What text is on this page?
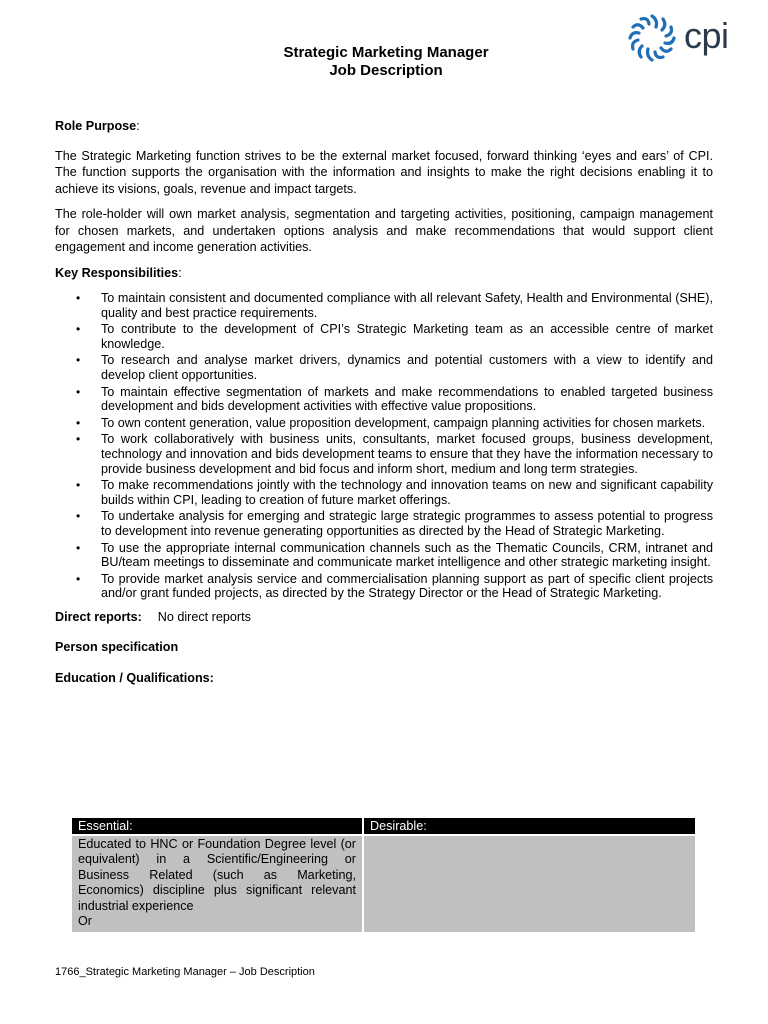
cpi
Strategic Marketing Manager
Job Description
Role Purpose:

The Strategic Marketing function strives to be the external market focused, forward thinking ‘eyes and ears’ of CPI. The function supports the organisation with the information and insights to make the right decisions enabling it to achieve its visions, goals, revenue and impact targets.

The role-holder will own market analysis, segmentation and targeting activities, positioning, campaign management for chosen markets, and undertaken options analysis and make recommendations that would support client engagement and income generation activities.

Key Responsibilities:
• To maintain consistent and documented compliance with all relevant Safety, Health and Environmental (SHE), quality and best practice requirements.
• To contribute to the development of CPI’s Strategic Marketing team as an accessible centre of market knowledge.
• To research and analyse market drivers, dynamics and potential customers with a view to identify and develop client opportunities.
• To maintain effective segmentation of markets and make recommendations to enabled targeted business development and bids development activities with effective value propositions.
• To own content generation, value proposition development, campaign planning activities for chosen markets.
• To work collaboratively with business units, consultants, market focused groups, business development, technology and innovation and bids development teams to ensure that they have the information necessary to provide business development and bid focus and inform short, medium and long term strategies.
• To make recommendations jointly with the technology and innovation teams on new and significant capability builds within CPI, leading to creation of future market offerings.
• To undertake analysis for emerging and strategic large strategic programmes to assess potential to progress to development into revenue generating opportunities as directed by the Head of Strategic Marketing.
• To use the appropriate internal communication channels such as the Thematic Councils, CRM, intranet and BU/team meetings to disseminate and communicate market intelligence and other strategic marketing insight.
• To provide market analysis service and commercialisation planning support as part of specific client projects and/or grant funded projects, as directed by the Strategy Director or the Head of Strategic Marketing.
Direct reports: No direct reports
Person specification
Education / Qualifications:
Essential:	Desirable:

Educated to HNC or Foundation Degree level (or equivalent) in a Scientific/Engineering or Business Related (such as Marketing, Economics) discipline plus significant relevant industrial experience
Or	

1766_Strategic Marketing Manager – Job Description
